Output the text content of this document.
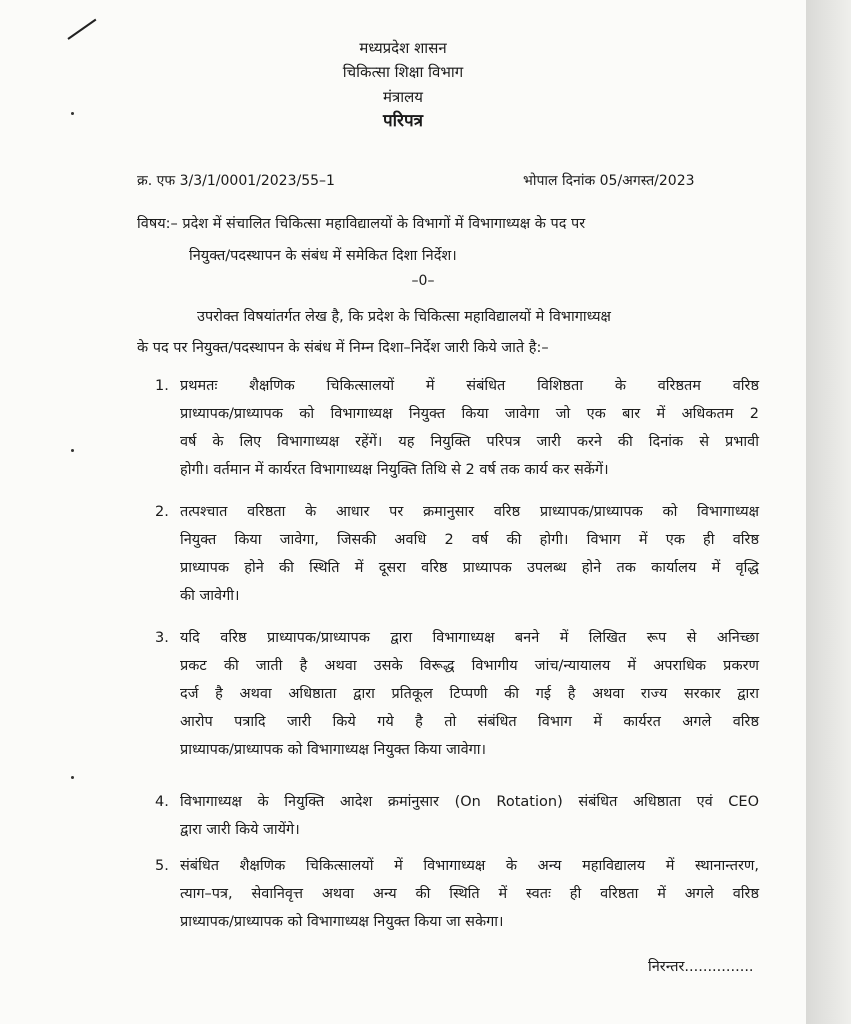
मध्यप्रदेश शासन
चिकित्सा शिक्षा विभाग
मंत्रालय
परिपत्र
क्र. एफ 3/3/1/0001/2023/55–1	भोपाल दिनांक 05/अगस्त/2023
विषय:– प्रदेश में संचालित चिकित्सा महाविद्यालयों के विभागों में विभागाध्यक्ष के पद पर
नियुक्त/पदस्थापन के संबंध में समेकित दिशा निर्देश।
–0–
उपरोक्त विषयांतर्गत लेख है, कि प्रदेश के चिकित्सा महाविद्यालयों मे विभागाध्यक्ष
के पद पर नियुक्त/पदस्थापन के संबंध में निम्न दिशा–निर्देश जारी किये जाते है:–
1. प्रथमतः शैक्षणिक चिकित्सालयों में संबंधित विशिष्ठता के वरिष्ठतम वरिष्ठ
प्राध्यापक/प्राध्यापक को विभागाध्यक्ष नियुक्त किया जावेगा जो एक बार में अधिकतम 2
वर्ष के लिए विभागाध्यक्ष रहेंगें। यह नियुक्ति परिपत्र जारी करने की दिनांक से प्रभावी
होगी। वर्तमान में कार्यरत विभागाध्यक्ष नियुक्ति तिथि से 2 वर्ष तक कार्य कर सकेंगें।
2. तत्पश्चात वरिष्ठता के आधार पर क्रमानुसार वरिष्ठ प्राध्यापक/प्राध्यापक को विभागाध्यक्ष
नियुक्त किया जावेगा, जिसकी अवधि 2 वर्ष की होगी। विभाग में एक ही वरिष्ठ
प्राध्यापक होने की स्थिति में दूसरा वरिष्ठ प्राध्यापक उपलब्ध होने तक कार्यालय में वृद्धि
की जावेगी।
3. यदि वरिष्ठ प्राध्यापक/प्राध्यापक द्वारा विभागाध्यक्ष बनने में लिखित रूप से अनिच्छा
प्रकट की जाती है अथवा उसके विरूद्ध विभागीय जांच/न्यायालय में अपराधिक प्रकरण
दर्ज है अथवा अधिष्ठाता द्वारा प्रतिकूल टिप्पणी की गई है अथवा राज्य सरकार द्वारा
आरोप पत्रादि जारी किये गये है तो संबंधित विभाग में कार्यरत अगले वरिष्ठ
प्राध्यापक/प्राध्यापक को विभागाध्यक्ष नियुक्त किया जावेगा।
4. विभागाध्यक्ष के नियुक्ति आदेश क्रमांनुसार (On Rotation) संबंधित अधिष्ठाता एवं CEO
द्वारा जारी किये जायेंगे।
5. संबंधित शैक्षणिक चिकित्सालयों में विभागाध्यक्ष के अन्य महाविद्यालय में स्थानान्तरण,
त्याग–पत्र, सेवानिवृत्त अथवा अन्य की स्थिति में स्वतः ही वरिष्ठता में अगले वरिष्ठ
प्राध्यापक/प्राध्यापक को विभागाध्यक्ष नियुक्त किया जा सकेगा।
निरन्तर...............
